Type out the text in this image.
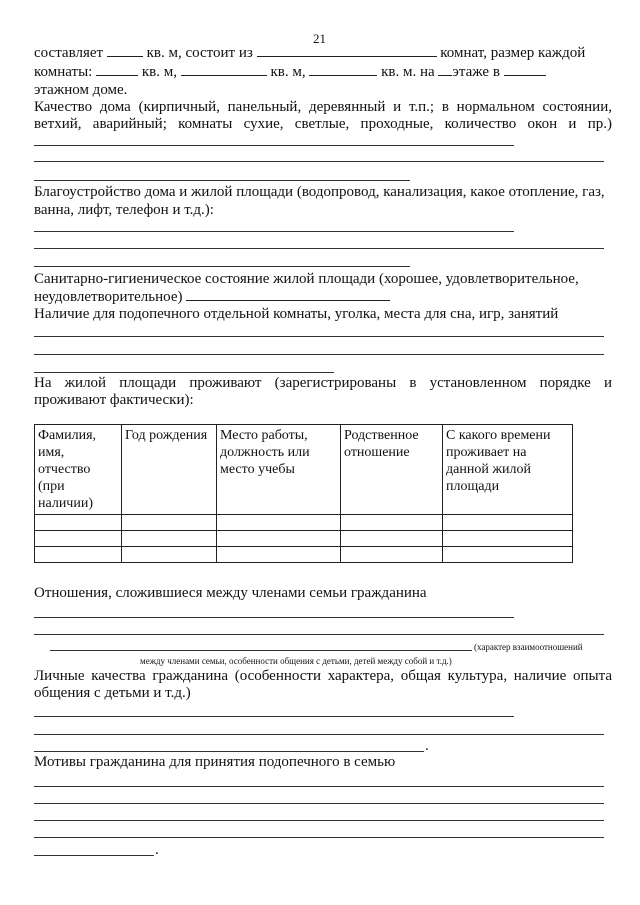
21
составляет	кв. м, состоит из	комнат, размер каждой
комнаты:	кв. м,	кв. м,	кв. м. на этаже в
этажном доме.
Качество дома (кирпичный, панельный, деревянный и т.п.; в нормальном состоянии,
ветхий, аварийный; комнаты сухие, светлые, проходные, количество окон и пр.)
Благоустройство дома и жилой площади (водопровод, канализация, какое отопление, газ,
ванна, лифт, телефон и т.д.):
Санитарно-гигиеническое состояние жилой площади (хорошее, удовлетворительное,
неудовлетворительное)
Наличие для подопечного отдельной комнаты, уголка, места для сна, игр, занятий
На жилой площади проживают (зарегистрированы в установленном порядке и
проживают фактически):
Фамилия, имя, отчество (при наличии)	Год рождения	Место работы, должность или место учебы	Родственное отношение	С какого времени проживает на данной жилой площади

Отношения, сложившиеся между членами семьи гражданина
(характер взаимоотношений
между членами семьи, особенности общения с детьми, детей между собой и т.д.)
Личные качества гражданина (особенности характера, общая культура, наличие опыта
общения с детьми и т.д.)
.
Мотивы гражданина для принятия подопечного в семью
.
